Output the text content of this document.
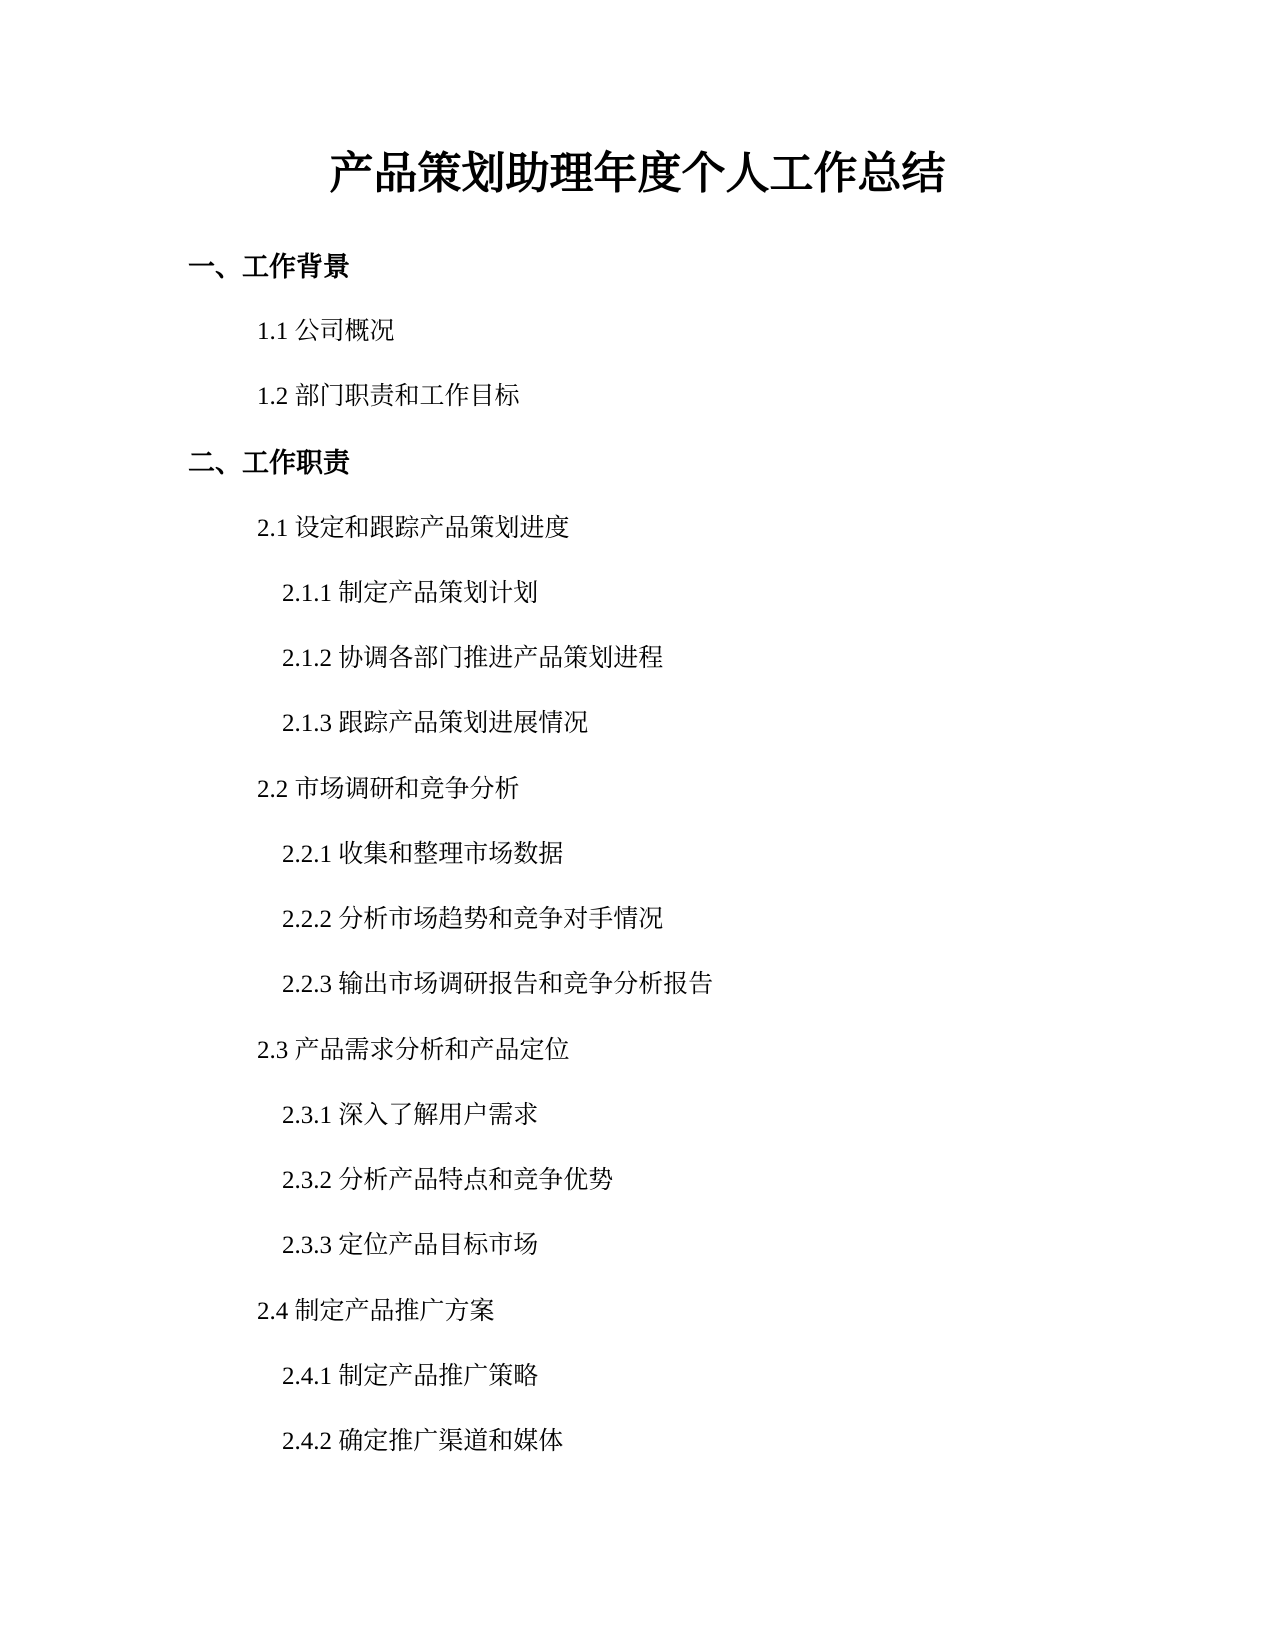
产品策划助理年度个人工作总结
一、工作背景

1.1 公司概况

1.2 部门职责和工作目标

二、工作职责

2.1 设定和跟踪产品策划进度

2.1.1 制定产品策划计划

2.1.2 协调各部门推进产品策划进程

2.1.3 跟踪产品策划进展情况

2.2 市场调研和竞争分析

2.2.1 收集和整理市场数据

2.2.2 分析市场趋势和竞争对手情况

2.2.3 输出市场调研报告和竞争分析报告

2.3 产品需求分析和产品定位

2.3.1 深入了解用户需求

2.3.2 分析产品特点和竞争优势

2.3.3 定位产品目标市场

2.4 制定产品推广方案

2.4.1 制定产品推广策略

2.4.2 确定推广渠道和媒体
